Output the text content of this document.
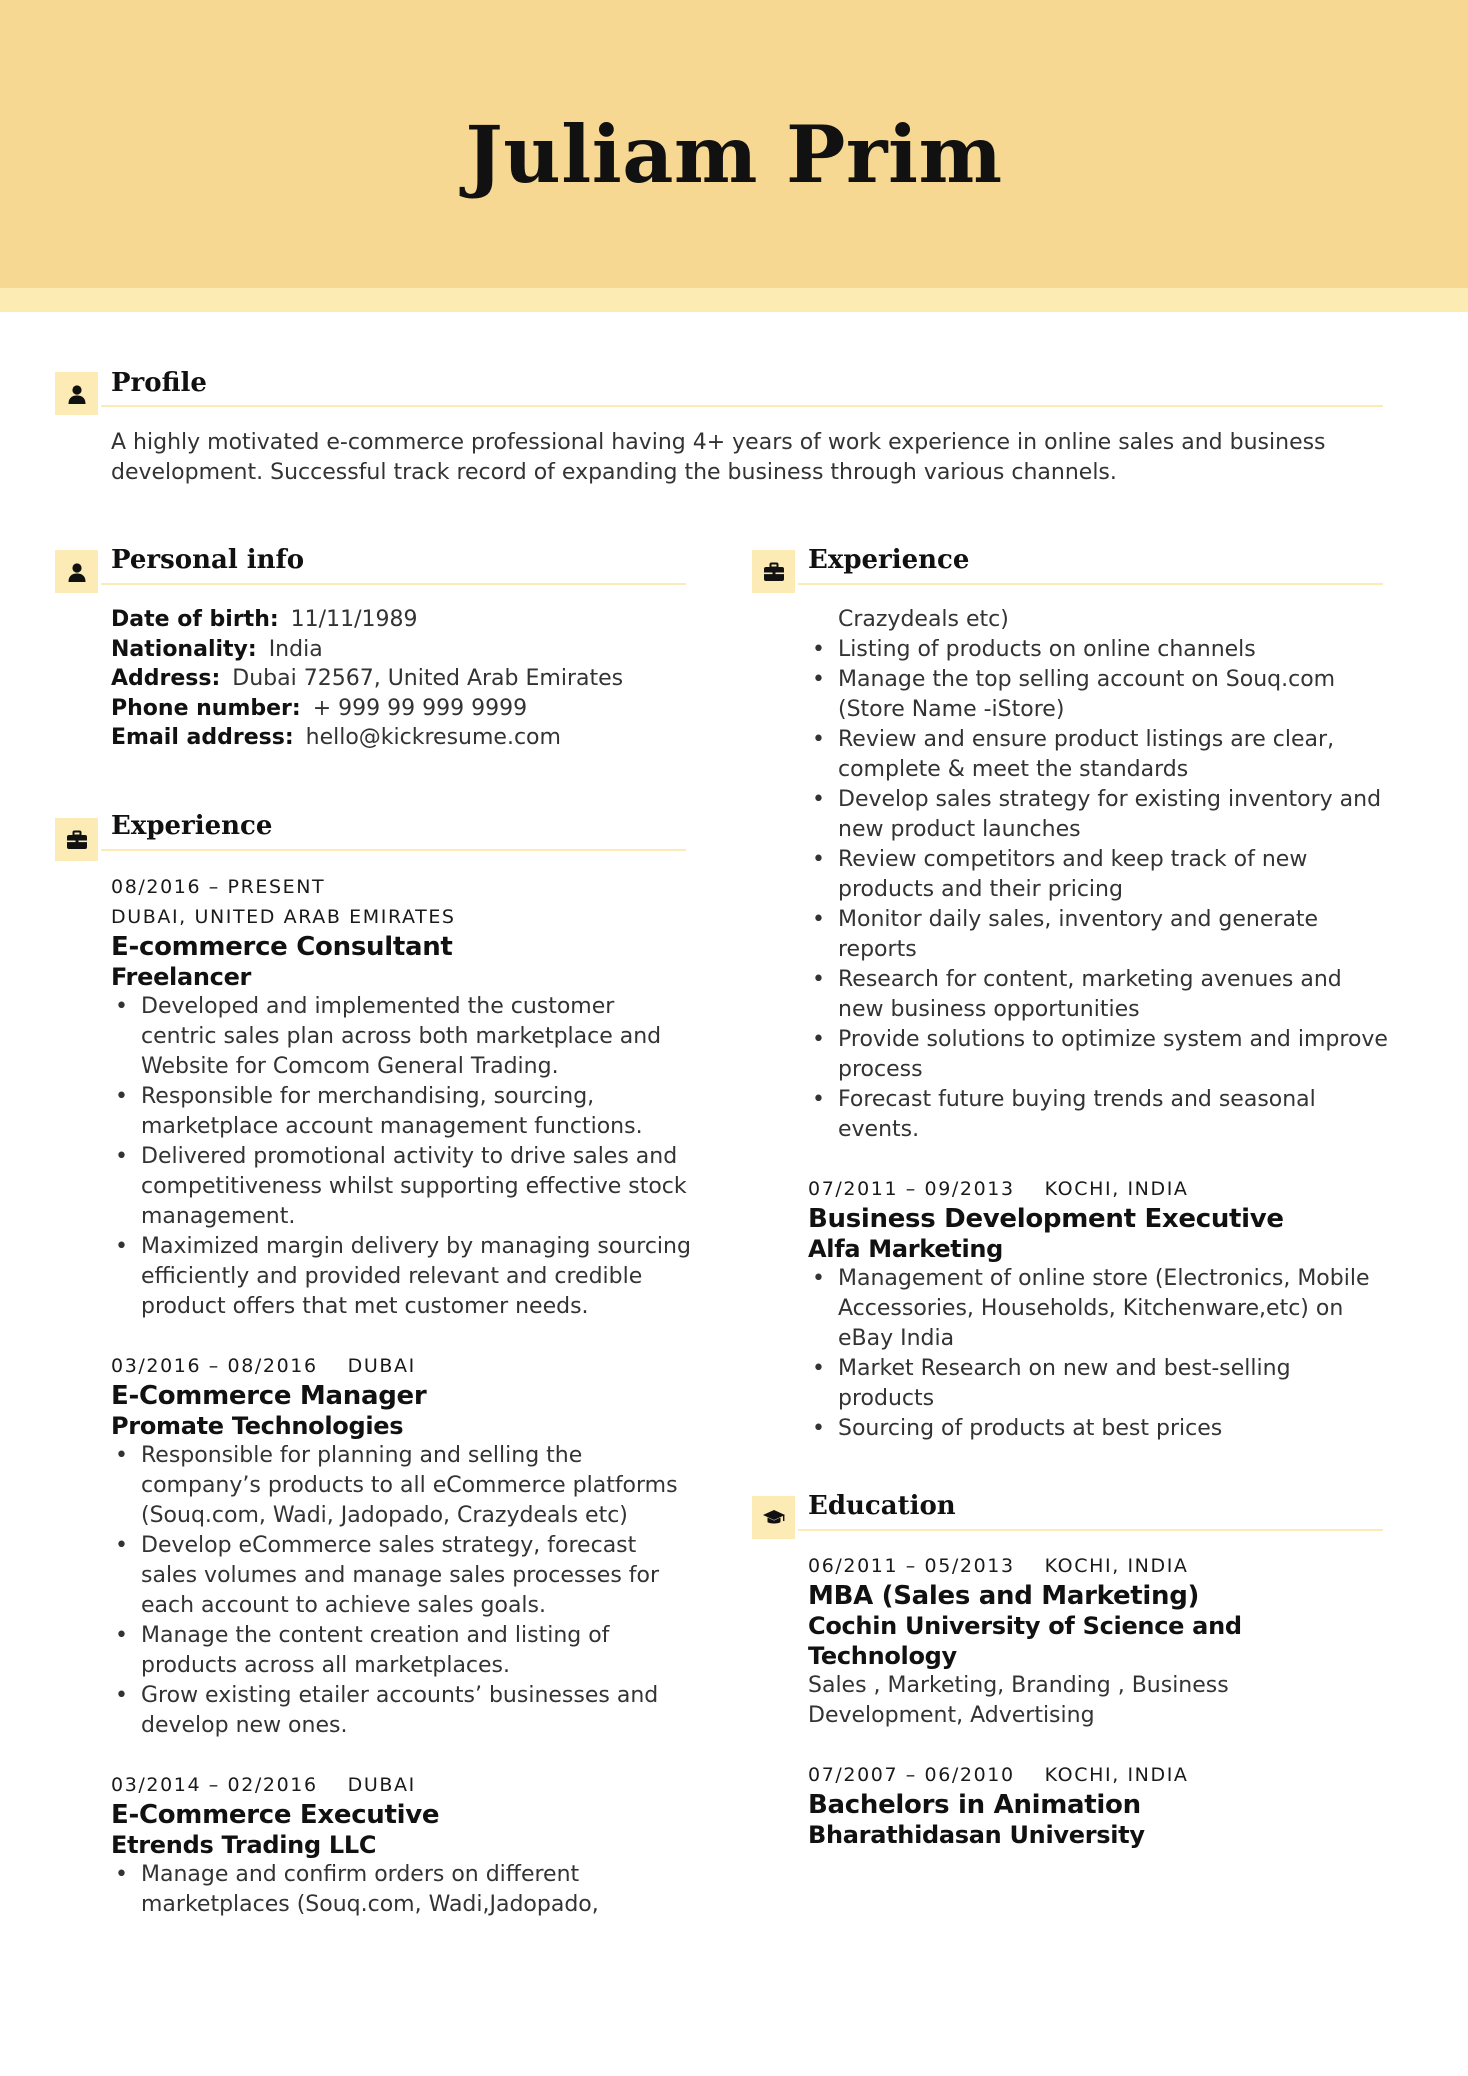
Juliam Prim
Profile
A highly motivated e-commerce professional having 4+ years of work experience in online sales and business development. Successful track record of expanding the business through various channels.
Personal info
Date of birth: 11/11/1989
Nationality: India
Address: Dubai 72567, United Arab Emirates
Phone number: + 999 99 999 9999
Email address: hello@kickresume.com
Experience
08/2016 – PRESENT
DUBAI, UNITED ARAB EMIRATES
E-commerce Consultant
Freelancer
• Developed and implemented the customer centric sales plan across both marketplace and Website for Comcom General Trading.
• Responsible for merchandising, sourcing, marketplace account management functions.
• Delivered promotional activity to drive sales and competitiveness whilst supporting effective stock management.
• Maximized margin delivery by managing sourcing efficiently and provided relevant and credible product offers that met customer needs.
03/2016 – 08/2016 DUBAI
E-Commerce Manager
Promate Technologies
• Responsible for planning and selling the company’s products to all eCommerce platforms (Souq.com, Wadi, Jadopado, Crazydeals etc)
• Develop eCommerce sales strategy, forecast sales volumes and manage sales processes for each account to achieve sales goals.
• Manage the content creation and listing of products across all marketplaces.
• Grow existing etailer accounts’ businesses and develop new ones.
03/2014 – 02/2016 DUBAI
E-Commerce Executive
Etrends Trading LLC
• Manage and confirm orders on different marketplaces (Souq.com, Wadi,Jadopado,
Experience
Crazydeals etc)
• Listing of products on online channels
• Manage the top selling account on Souq.com (Store Name -iStore)
• Review and ensure product listings are clear, complete & meet the standards
• Develop sales strategy for existing inventory and new product launches
• Review competitors and keep track of new products and their pricing
• Monitor daily sales, inventory and generate reports
• Research for content, marketing avenues and new business opportunities
• Provide solutions to optimize system and improve process
• Forecast future buying trends and seasonal events.
07/2011 – 09/2013 KOCHI, INDIA
Business Development Executive
Alfa Marketing
• Management of online store (Electronics, Mobile Accessories, Households, Kitchenware,etc) on eBay India
• Market Research on new and best-selling products
• Sourcing of products at best prices
Education
06/2011 – 05/2013 KOCHI, INDIA
MBA (Sales and Marketing)
Cochin University of Science and Technology
Sales , Marketing, Branding , Business Development, Advertising
07/2007 – 06/2010 KOCHI, INDIA
Bachelors in Animation
Bharathidasan University
